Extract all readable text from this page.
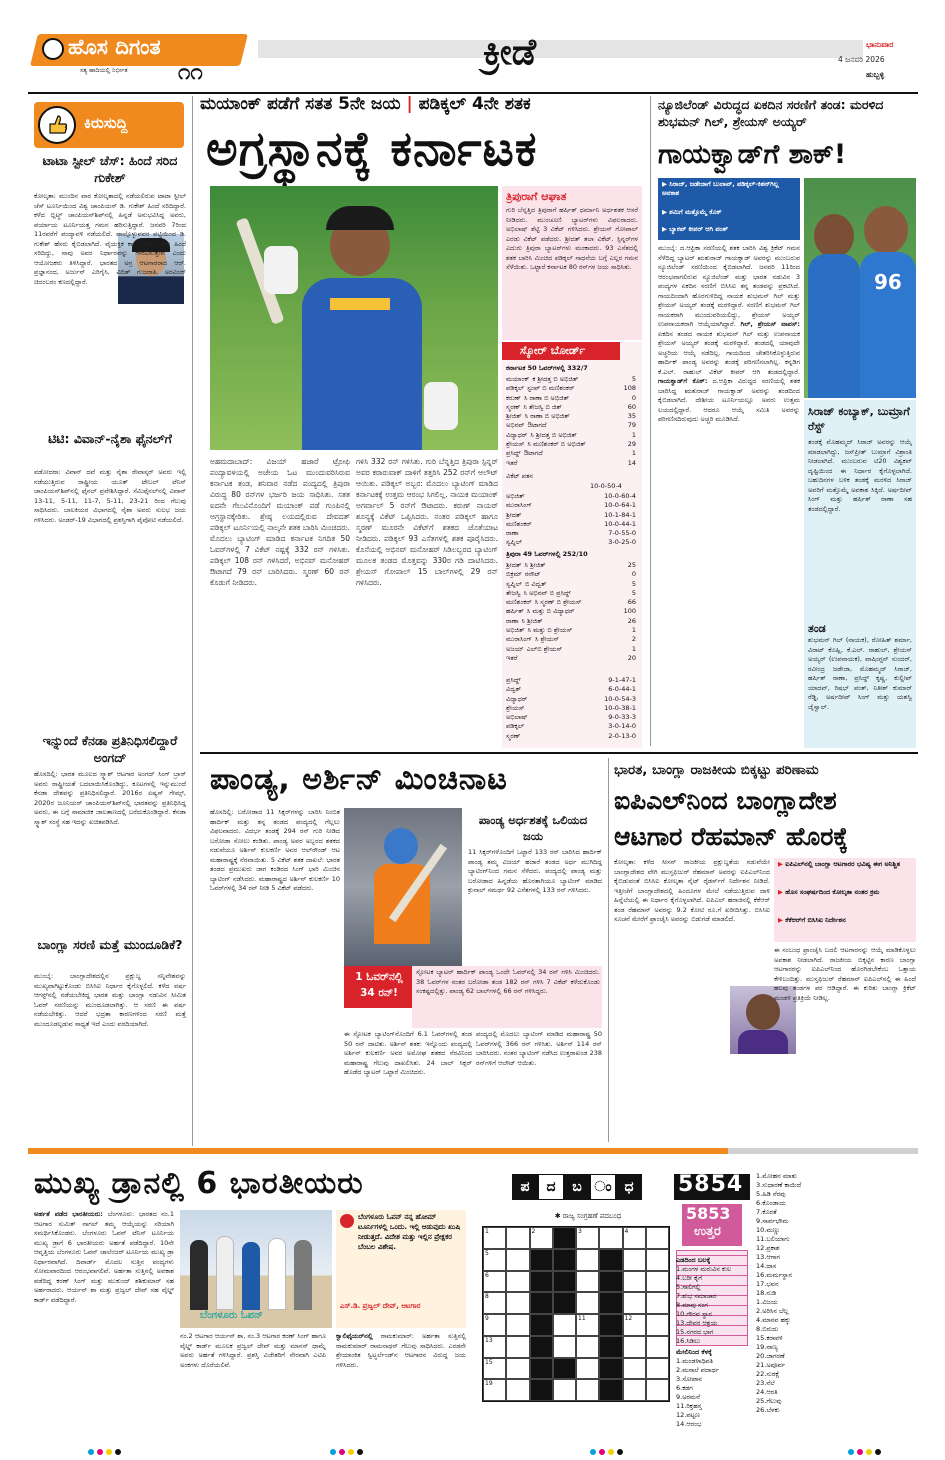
ಹೊಸ ದಿಗಂತ
ಸತ್ಯ ಹಾದಿಯಲ್ಲಿ ನಿರ್ಭೀತ ೧೧	ಕ್ರೀಡೆ	ಭಾನುವಾರ
4 ಜನವರಿ 2026
ಹುಬ್ಬಳ್ಳಿ
ಕಿರುಸುದ್ದಿ
ಟಾಟಾ ಸ್ಟೀಲ್ ಚೆಸ್: ಹಿಂದೆ ಸರಿದ ಗುಕೇಶ್
ಕೋಲ್ಕತಾ: ಮುಂದಿನ ವಾರ ಕೋಲ್ಕತಾದಲ್ಲಿ ನಡೆಯಲಿರುವ ಟಾಟಾ ಸ್ಟೀಲ್ ಚೆಸ್ ಟೂರ್ನಿಯಿಂದ ವಿಶ್ವ ಚಾಂಪಿಯನ್ ಡಿ. ಗುಕೇಶ್ ಹಿಂದೆ ಸರಿದಿದ್ದಾರೆ. ಕಳೆದ ಬ್ಲಿಟ್ಜ್ ಚಾಂಪಿಯನ್‌ಶಿಪ್‌ನಲ್ಲಿ ಹಿನ್ನಡೆ ಅನುಭವಿಸಿದ್ದ ಅವರು, ಪರ್ಯಾಯ ಟೂರ್ನಿಯತ್ತ ಗಮನ ಹರಿಸುತ್ತಿದ್ದಾರೆ. ಜನವರಿ 7ರಿಂದ 11ರವರೆಗೆ ಪಂದ್ಯಾವಳಿ ನಡೆಯಲಿದೆ. ಪಾಲ್ಗೊಳ್ಳುವವರ ಪಟ್ಟಿಯಿಂದ ಡಿ. ಗುಕೇಶ್ ಹೆಸರು ಕೈಬಿಡಲಾಗಿದೆ. ವೈಯಕ್ತಿಕ ಕಾರಣದಿಂದ ಅವರು ಹಿಂದೆ ಸರಿದಿದ್ದು, ನಾವು ಅವರ ನಿರ್ಧಾರವನ್ನು ಗೌರವಿಸುತ್ತೇವೆ ಎಂದು ಆಯೋಜಕರು ತಿಳಿಸಿದ್ದಾರೆ. ಭಾರತದ ಅಗ್ರ ಆಟಗಾರರಾದ ಆರ್. ಪ್ರಜ್ಞಾನಂದ, ಅರ್ಜುನ್ ಎರಿಗೈಸಿ, ವಿದಿತ್ ಗುಜರಾತಿ, ಅರವಿಂದ್ ಚಿದಂಬರಂ ಕಣದಲ್ಲಿದ್ದಾರೆ.
ಟಿಟಿ: ವಿವಾನ್-ನೈಶಾ ಫೈನಲ್‌ಗೆ
ವಡೋದರಾ: ವಿವಾನ್ ದವೆ ಮತ್ತು ನೈಶಾ ರೇವಾಸ್ಕರ್ ಅವರು ಇಲ್ಲಿ ನಡೆಯುತ್ತಿರುವ ರಾಷ್ಟ್ರೀಯ ಯೂತ್ ಟೇಬಲ್ ಟೆನಿಸ್ ಚಾಂಪಿಯನ್‌ಶಿಪ್‌ನಲ್ಲಿ ಫೈನಲ್ ಪ್ರವೇಶಿಸಿದ್ದಾರೆ. ಸೆಮಿಫೈನಲ್‌ನಲ್ಲಿ ವಿವಾನ್ 13-11, 5-11, 11-7, 5-11, 23-21 ರಿಂದ ಗೆಲುವು ಸಾಧಿಸಿದರು. ಬಾಲಕಿಯರ ವಿಭಾಗದಲ್ಲಿ ನೈಶಾ ಅವರು ಸುಲಭ ಜಯ ಗಳಿಸಿದರು. ಅಂಡರ್-19 ವಿಭಾಗದಲ್ಲಿ ಪ್ರಶಸ್ತಿಗಾಗಿ ಪೈಪೋಟಿ ನಡೆಯಲಿದೆ.
ಇನ್ನುಂದೆ ಕೆನಡಾ ಪ್ರತಿನಿಧಿಸಲಿದ್ದಾರೆ ಅಂಗದ್
ಹೊಸದಿಲ್ಲಿ: ಭಾರತ ಮೂಲದ ಸ್ಕ್ವಾಶ್ ಆಟಗಾರ ಅಂಗದ್ ಸಿಂಗ್ ಬ್ರಾರ್ ಅವರು ರಾಷ್ಟ್ರೀಯತೆ ಬದಲಾಯಿಸಿಕೊಂಡಿದ್ದು, ಕೂಟಗಳಲ್ಲಿ ಇನ್ನುಮುಂದೆ ಕೆನಡಾ ದೇಶವನ್ನು ಪ್ರತಿನಿಧಿಸಲಿದ್ದಾರೆ. 2016ರ ಏಷ್ಯನ್ ಗೇಮ್ಸ್, 2020ರ ಜೂನಿಯರ್ ಚಾಂಪಿಯನ್‌ಶಿಪ್‌ನಲ್ಲಿ ಭಾರತವನ್ನು ಪ್ರತಿನಿಧಿಸಿದ್ದ ಅವರು, ಈ ಬಗ್ಗೆ ಸಾಮಾಜಿಕ ಜಾಲತಾಣದಲ್ಲಿ ಬರೆದುಕೊಂಡಿದ್ದಾರೆ. ಕೆನಡಾ ಸ್ಕ್ವಾಶ್ ಸಂಸ್ಥೆ ಸಹ ಇದನ್ನು ಖಚಿತಪಡಿಸಿದೆ.
ಬಾಂಗ್ಲಾ ಸರಣಿ ಮತ್ತೆ ಮುಂದೂಡಿಕೆ?
ಮುಂಬೈ: ಬಾಂಗ್ಲಾದೇಶದಲ್ಲಿನ ಪ್ರಕ್ಷುಬ್ಧ ಸನ್ನಿವೇಶವನ್ನು ಮುಖ್ಯವಾಗಿಟ್ಟುಕೊಂಡು ಬಿಸಿಸಿಐ ನಿರ್ಧಾರ ಕೈಗೊಳ್ಳಲಿದೆ. ಕಳೆದ ವರ್ಷ ಆಗಸ್ಟ್‌ನಲ್ಲಿ ನಡೆಯಬೇಕಿದ್ದ ಭಾರತ ಮತ್ತು ಬಾಂಗ್ಲಾ ನಡುವಿನ ಸೀಮಿತ ಓವರ್ ಸರಣಿಯನ್ನು ಮುಂದೂಡಲಾಗಿತ್ತು. ಆ ಸರಣಿ ಈ ವರ್ಷ ನಡೆಯಬೇಕಿತ್ತು. ಆದರೆ ಭದ್ರತಾ ಕಾರಣಗಳಿಂದ ಸರಣಿ ಮತ್ತೆ ಮುಂದೂಡಲ್ಪಡುವ ಸಾಧ್ಯತೆ ಇದೆ ಎಂದು ವರದಿಯಾಗಿದೆ.
ಮಯಾಂಕ್ ಪಡೆಗೆ ಸತತ 5ನೇ ಜಯ | ಪಡಿಕ್ಕಲ್ 4ನೇ ಶತಕ
ಅಗ್ರಸ್ಥಾನಕ್ಕೆ ಕರ್ನಾಟಕ
ತ್ರಿಪುರಾಗೆ ಆಘಾತ
ಗುರಿ ಬೆನ್ನತ್ತಿದ ತ್ರಿಪುರಾಗೆ ಹರ್ಷಿತ್ ಧರ್ಮಾನಿ ಅರ್ಧಶತಕ ಆಸರೆ ನೀಡಿದರು. ಮುಂಚೂಣಿ ಬ್ಯಾಟರ್‌ಗಳು ವಿಫಲರಾದರು. ಅಭಿಲಾಷ್ ಶೆಟ್ಟಿ 3 ವಿಕೆಟ್ ಗಳಿಸಿದರು. ಶ್ರೇಯಸ್ ಗೋಪಾಲ್ ಎರಡು ವಿಕೆಟ್ ಪಡೆದರು. ಶ್ರೀದತ್ ತಲಾ ವಿಕೆಟ್. ಸ್ಪಿನ್ನರ್‌ಗಳ ಎದುರು ತ್ರಿಪುರಾ ಬ್ಯಾಟರ್‌ಗಳು ಮಂಕಾದರು. 93 ಎಸೆತದಲ್ಲಿ ಶತಕ ಬಾರಿಸಿ ಮಿಂಚಿದ ಪಡಿಕ್ಕಲ್ ಸಾಧನೆಯ ಬಗ್ಗೆ ಎಲ್ಲರ ಗಮನ ಸೆಳೆಯಿತು. ಒಟ್ಟಾರೆ ಕರ್ನಾಟಕ 80 ರನ್‌ಗಳ ಜಯ ಸಾಧಿಸಿತು.
ಸ್ಕೋರ್ ಬೋರ್ಡ್
ಕರ್ನಾಟಕ 50 ಓವರ್‌ಗಳಲ್ಲಿ 332/7
ಮಯಾಂಕ್ ಕ ಶ್ರೀದತ್ತ ಬಿ ಅಭಿಜಿತ್	5
ಪಡಿಕ್ಕಲ್ ಸ್ಟಂಪ್ ಬಿ ಮಣಿಶಂಕರ್	108
ಕರುಣ್ ಸಿ ರಾಣಾ ಬಿ ಅಭಿಜಿತ್	0
ಸ್ಮರಣ್ ಸಿ ತೇಜಸ್ವಿ ಬಿ ಜಿತ್	60
ಶ್ರೀಜಿತ್ ಸಿ ರಾಣಾ ಬಿ ಅಭಿಜಿತ್	35
ಅಭಿನವ್ ಔಟಾಗದೆ	79
ವಿದ್ಯಾಧರ್ ಸಿ ಶ್ರೀದತ್ತ ಬಿ ಅಭಿಜಿತ್	1
ಶ್ರೇಯಸ್ ಸಿ ಮಣಿಶಂಕರ್ ಬಿ ಅಭಿಜಿತ್	29
ಪ್ರಸಿದ್ಧ್ ಔಟಾಗದೆ	1
ಇತರೆ	14
ವಿಕೆಟ್ ಪತನ
10-0-50-4
ಅಭಿಜಿತ್	10-0-60-4
ಮುರಾಸಿಂಗ್	10-0-64-1
ಶ್ರೀದತ್	10-1-84-1
ಮಣಿಶಂಕರ್	10-0-44-1
ರಾಣಾ	7-0-55-0
ಸ್ವಪ್ನಿಲ್	3-0-25-0
ತ್ರಿಪುರಾ 49 ಓವರ್‌ಗಳಲ್ಲಿ 252/10
ಶ್ರೀದತ್ ಸಿ ಶ್ರೀಜಿತ್	25
ಬಿಕ್ರಮ್ ರನೌಟ್	0
ಸ್ವಪ್ನಿಲ್ ಬಿ ವಿದ್ವತ್	5
ತೇಜಸ್ವಿ ಸಿ ಅಭಿನವ್ ಬಿ ಪ್ರಸಿದ್ಧ್	5
ಮಣಿಶಂಕರ್ ಸಿ ಸ್ಮರಣ್ ಬಿ ಶ್ರೇಯಸ್	66
ಹರ್ಷಿತ್ ಸಿ ಮತ್ತು ಬಿ ವಿದ್ಯಾಧರ್	100
ರಾಣಾ ಸಿ ಶ್ರೀಜಿತ್	26
ಅಭಿಜಿತ್ ಸಿ ಮತ್ತು ಬಿ ಶ್ರೇಯಸ್	1
ಮುರಾಸಿಂಗ್ ಸಿ ಶ್ರೇಯಸ್	2
ಅಜಯ್ ಎಲ್‌ಬಿ ಶ್ರೇಯಸ್	1
ಇತರೆ	20
ಪ್ರಸಿದ್ಧ್	9-1-47-1
ವಿದ್ವತ್	6-0-44-1
ವಿದ್ಯಾಧರ್	10-0-54-3
ಶ್ರೇಯಸ್	10-0-38-1
ಅಭಿಲಾಷ್	9-0-33-3
ಪಡಿಕ್ಕಲ್	3-0-14-0
ಸ್ಮರಣ್	2-0-13-0
ಅಹಮದಾಬಾದ್: ವಿಜಯ್ ಹಜಾರೆ ಟ್ರೋಫಿ ಪಂದ್ಯಾವಳಿಯಲ್ಲಿ ಅಜೇಯ ಓಟ ಮುಂದುವರಿಸಿರುವ ಕರ್ನಾಟಕ ತಂಡ, ಶನಿವಾರ ನಡೆದ ಪಂದ್ಯದಲ್ಲಿ ತ್ರಿಪುರಾ ವಿರುದ್ಧ 80 ರನ್‌ಗಳ ಭರ್ಜರಿ ಜಯ ಸಾಧಿಸಿತು. ಸತತ ಐದನೇ ಗೆಲುವಿನೊಂದಿಗೆ ಮಯಾಂಕ್ ಪಡೆ ಗುಂಪಿನಲ್ಲಿ ಅಗ್ರಸ್ಥಾನಕ್ಕೇರಿತು. ಶ್ರೇಷ್ಠ ಲಯದಲ್ಲಿರುವ ದೇವದತ್ ಪಡಿಕ್ಕಲ್ ಟೂರ್ನಿಯಲ್ಲಿ ನಾಲ್ಕನೇ ಶತಕ ಬಾರಿಸಿ ಮಿಂಚಿದರು. ಮೊದಲು ಬ್ಯಾಟಿಂಗ್ ಮಾಡಿದ ಕರ್ನಾಟಕ ನಿಗದಿತ 50 ಓವರ್‌ಗಳಲ್ಲಿ 7 ವಿಕೆಟ್ ನಷ್ಟಕ್ಕೆ 332 ರನ್ ಗಳಿಸಿತು. ಪಡಿಕ್ಕಲ್ 108 ರನ್ ಗಳಿಸಿದರೆ, ಅಭಿನವ್ ಮನೋಹರ್ ಔಟಾಗದೆ 79 ರನ್ ಬಾರಿಸಿದರು. ಸ್ಮರಣ್ 60 ರನ್ ಕೊಡುಗೆ ನೀಡಿದರು.
ಗಳಿಸಿ 332 ರನ್ ಗಳಿಸಿತು. ಗುರಿ ಬೆನ್ನತ್ತಿದ ತ್ರಿಪುರಾ ಸ್ಪಿನ್ನರ್ ಅವರ ಕರಾರುವಾಕ್ ದಾಳಿಗೆ ತತ್ತರಿಸಿ 252 ರನ್‌ಗೆ ಆಲೌಟ್ ಆಯಿತು. ಪಡಿಕ್ಕಲ್ ಅಬ್ಬರ: ಮೊದಲು ಬ್ಯಾಟಿಂಗ್ ಮಾಡಿದ ಕರ್ನಾಟಕಕ್ಕೆ ಉತ್ತಮ ಆರಂಭ ಸಿಗಲಿಲ್ಲ. ನಾಯಕ ಮಯಾಂಕ್ ಅಗರ್ವಾಲ್ 5 ರನ್‌ಗೆ ಔಟಾದರು. ಕರುಣ್ ನಾಯರ್ ಶೂನ್ಯಕ್ಕೆ ವಿಕೆಟ್ ಒಪ್ಪಿಸಿದರು. ನಂತರ ಪಡಿಕ್ಕಲ್ ಹಾಗೂ ಸ್ಮರಣ್ ಮೂರನೇ ವಿಕೆಟ್‌ಗೆ ಶತಕದ ಜೊತೆಯಾಟ ನೀಡಿದರು. ಪಡಿಕ್ಕಲ್ 93 ಎಸೆತಗಳಲ್ಲಿ ಶತಕ ಪೂರೈಸಿದರು. ಕೊನೆಯಲ್ಲಿ ಅಭಿನವ್ ಮನೋಹರ್ ಸಿಡಿಲಬ್ಬರದ ಬ್ಯಾಟಿಂಗ್ ಮೂಲಕ ತಂಡದ ಮೊತ್ತವನ್ನು 330ರ ಗಡಿ ದಾಟಿಸಿದರು. ಶ್ರೇಯಸ್ ಗೋಪಾಲ್ 15 ಬಾಲ್‌ಗಳಲ್ಲಿ 29 ರನ್ ಗಳಿಸಿದರು.
ನ್ಯೂಜಿಲೆಂಡ್ ವಿರುದ್ಧದ ಏಕದಿನ ಸರಣಿಗೆ ತಂಡ: ಮರಳಿದ ಶುಭಮನ್ ಗಿಲ್, ಶ್ರೇಯಸ್ ಅಯ್ಯರ್
ಗಾಯಕ್ವಾಡ್‌ಗೆ ಶಾಕ್!
▶ ಸಿರಾಜ್, ಜಡೇಜಾಗೆ ಬುಲಾವ್, ಪಡಿಕ್ಕಲ್-ಕಿಶನ್‌ಗಿಲ್ಲ ಅವಕಾಶ
▶ ಶಮಿಗೆ ಮತ್ತೊಮ್ಮೆ ಕೊಕ್
▶ ಬ್ಯಾಕಪ್ ಕೀಪರ್ ಆಗಿ ಪಂತ್
96
ಸಿರಾಜ್ ಕಂಬ್ಯಾಕ್, ಬುಮ್ರಾಗೆ ರೆಸ್ಟ್
ತಂಡಕ್ಕೆ ಮೊಹಮ್ಮದ್ ಸಿರಾಜ್ ಅವರನ್ನು ಆಯ್ಕೆ ಮಾಡಲಾಗಿದ್ದು, ಜಸ್‌ಪ್ರೀತ್ ಬುಮ್ರಾಗೆ ವಿಶ್ರಾಂತಿ ನೀಡಲಾಗಿದೆ. ಮುಂಬರುವ ಟಿ20 ವಿಶ್ವಕಪ್ ದೃಷ್ಟಿಯಿಂದ ಈ ನಿರ್ಧಾರ ಕೈಗೊಳ್ಳಲಾಗಿದೆ. ಬಹುದಿನಗಳ ಬಳಿಕ ತಂಡಕ್ಕೆ ಮರಳಿದ ಸಿರಾಜ್ ಅವರಿಗೆ ಮತ್ತೊಮ್ಮೆ ಅವಕಾಶ ಸಿಕ್ಕಿದೆ. ಅರ್ಷದೀಪ್ ಸಿಂಗ್ ಮತ್ತು ಹರ್ಷಿತ್ ರಾಣಾ ಸಹ ತಂಡದಲ್ಲಿದ್ದಾರೆ.
ಮುಂಬೈ: ದ.ಆಫ್ರಿಕಾ ಸರಣಿಯಲ್ಲಿ ಶತಕ ಬಾರಿಸಿ ವಿಶ್ವ ಕ್ರಿಕೆಟ್ ಗಮನ ಸೆಳೆದಿದ್ದ ಬ್ಯಾಟರ್ ಋತುರಾಜ್ ಗಾಯಕ್ವಾಡ್ ಅವರನ್ನು ಮುಂಬರುವ ನ್ಯೂಜಿಲೆಂಡ್ ಸರಣಿಯಿಂದ ಕೈಬಿಡಲಾಗಿದೆ. ಜನವರಿ 11ರಿಂದ ಆರಂಭವಾಗಲಿರುವ ನ್ಯೂಜಿಲೆಂಡ್ ಮತ್ತು ಭಾರತ ನಡುವಿನ 3 ಪಂದ್ಯಗಳ ಏಕದಿನ ಸರಣಿಗೆ ಬಿಸಿಸಿಐ ತನ್ನ ತಂಡವನ್ನು ಪ್ರಕಟಿಸಿದೆ. ಗಾಯದಿಂದಾಗಿ ಹೊರಗುಳಿದಿದ್ದ ನಾಯಕ ಶುಭಮನ್ ಗಿಲ್ ಮತ್ತು ಶ್ರೇಯಸ್ ಅಯ್ಯರ್ ತಂಡಕ್ಕೆ ಮರಳಿದ್ದಾರೆ. ಸರಣಿಗೆ ಶುಭಮನ್ ಗಿಲ್ ನಾಯಕರಾಗಿ ಮುಂದುವರಿಯಲಿದ್ದು, ಶ್ರೇಯಸ್ ಅಯ್ಯರ್ ಉಪನಾಯಕರಾಗಿ ಆಯ್ಕೆಯಾಗಿದ್ದಾರೆ. ಗಿಲ್, ಶ್ರೇಯಸ್ ವಾಪಸ್: ಏಕದಿನ ತಂಡದ ನಾಯಕ ಶುಭಮನ್ ಗಿಲ್ ಮತ್ತು ಉಪನಾಯಕ ಶ್ರೇಯಸ್ ಅಯ್ಯರ್ ತಂಡಕ್ಕೆ ಮರಳಿದ್ದಾರೆ. ತಂಡದಲ್ಲಿ ಯಾವುದೇ ಅಚ್ಚರಿಯ ಆಯ್ಕೆ ನಡೆದಿಲ್ಲ. ಗಾಯದಿಂದ ಚೇತರಿಸಿಕೊಳ್ಳುತ್ತಿರುವ ಹಾರ್ದಿಕ್ ಪಾಂಡ್ಯ ಅವರನ್ನು ತಂಡಕ್ಕೆ ಪರಿಗಣಿಸಲಾಗಿಲ್ಲ. ಕನ್ನಡಿಗ ಕೆ.ಎಲ್. ರಾಹುಲ್ ವಿಕೆಟ್ ಕೀಪರ್ ಆಗಿ ತಂಡದಲ್ಲಿದ್ದಾರೆ. ಗಾಯಕ್ವಾಡ್‌ಗೆ ಕೊಕ್: ದ.ಆಫ್ರಿಕಾ ವಿರುದ್ಧದ ಸರಣಿಯಲ್ಲಿ ಶತಕ ಬಾರಿಸಿದ್ದ ಋತುರಾಜ್ ಗಾಯಕ್ವಾಡ್ ಅವರನ್ನು ತಂಡದಿಂದ ಕೈಬಿಡಲಾಗಿದೆ. ದೇಶೀಯ ಟೂರ್ನಿಯಲ್ಲೂ ಅವರು ಉತ್ತಮ ಲಯದಲ್ಲಿದ್ದಾರೆ. ಆದರೂ ಆಯ್ಕೆ ಸಮಿತಿ ಅವರನ್ನು ಪರಿಗಣಿಸದಿರುವುದು ಅಚ್ಚರಿ ಮೂಡಿಸಿದೆ.
ತಂಡ
ಶುಭಮನ್ ಗಿಲ್ (ನಾಯಕ), ರೋಹಿತ್ ಶರ್ಮಾ, ವಿರಾಟ್ ಕೊಹ್ಲಿ, ಕೆ.ಎಲ್. ರಾಹುಲ್, ಶ್ರೇಯಸ್ ಅಯ್ಯರ್ (ಉಪನಾಯಕ), ವಾಷಿಂಗ್ಟನ್ ಸುಂದರ್, ರವೀಂದ್ರ ಜಡೇಜಾ, ಮೊಹಮ್ಮದ್ ಸಿರಾಜ್, ಹರ್ಷಿತ್ ರಾಣಾ, ಪ್ರಸಿದ್ಧ್ ಕೃಷ್ಣ, ಕುಲ್ದೀಪ್ ಯಾದವ್, ರಿಷಭ್ ಪಂತ್, ನಿತೀಶ್ ಕುಮಾರ್ ರೆಡ್ಡಿ, ಅರ್ಷದೀಪ್ ಸಿಂಗ್ ಮತ್ತು ಯಶಸ್ವಿ ಜೈಸ್ವಾಲ್.
ಪಾಂಡ್ಯ, ಅರ್ಶಿನ್ ಮಿಂಚಿನಾಟ
ಪಾಂಡ್ಯ ಅರ್ಧಶತಕ್ಕೆ ಒಲಿಯದ ಜಯ
11 ಸಿಕ್ಸರ್‌ಗಳೊಂದಿಗೆ ಒಟ್ಟಾರೆ 133 ರನ್ ಬಾರಿಸಿದ ಹಾರ್ದಿಕ್ ಪಾಂಡ್ಯ ತಮ್ಮ ವಿಜಯ್ ಹಜಾರೆ ತಂಡದ ಅರ್ಧ ಮುಗಿದಿದ್ದ ಬ್ಯಾಟಿಂಗ್‌ನಿಂದ ಗಮನ ಸೆಳೆದರು. ಪಂದ್ಯದಲ್ಲಿ ಪಾಂಡ್ಯ ಮತ್ತು ಬರೋಡಾದ ಹಿನ್ನಡೆಯ ಹೊರತಾಗಿಯೂ ಬ್ಯಾಟಿಂಗ್ ಮಾಡಿದ ಕ್ರುನಾಲ್ ಸಮರ್ಥ 92 ಎಸೆತಗಳಲ್ಲಿ 133 ರನ್ ಗಳಿಸಿದರು.
1 ಓವರ್‌ನಲ್ಲಿ 34 ರನ್!
ಸ್ಫೋಟಕ ಬ್ಯಾಟರ್ ಹಾರ್ದಿಕ್ ಪಾಂಡ್ಯ ಒಂದೇ ಓವರ್‌ನಲ್ಲಿ 34 ರನ್ ಗಳಿಸಿ ಮಿಂಚಿದರು. 38 ಓವರ್‌ಗಳ ನಂತರ ಬರೋಡಾ ತಂಡ 182 ರನ್ ಗಳಿಸಿ 7 ವಿಕೆಟ್ ಕಳೆದುಕೊಂಡು ಸಂಕಷ್ಟದಲ್ಲಿತ್ತು. ಪಾಂಡ್ಯ 62 ಬಾಲ್‌ಗಳಲ್ಲಿ 66 ರನ್ ಗಳಿಸಿದ್ದರು.
ಹೊಸದಿಲ್ಲಿ: ಬರೋಡಾದ 11 ಸಿಕ್ಸರ್‌ಗಳನ್ನು ಬಾರಿಸಿ ನಿಂಬಿತ ಹಾರ್ದಿಕ್ ಮತ್ತು ತನ್ನ ತಂಡದ ಪಂದ್ಯದಲ್ಲಿ ಗೆಲ್ಲಲು ವಿಫಲವಾದರು. ವಿದರ್ಭ ತಂಡಕ್ಕೆ 294 ರನ್ ಗುರಿ ನೀಡಿದ ಬರೋಡಾ ಸೋಲು ಕಂಡಿತು. ಪಾಂಡ್ಯ ಅವರ ಅಬ್ಬರದ ಶತಕದ ನಡುವೆಯೂ ಅರ್ಶಿನ್ ಕುಲಕರ್ಣಿ ಅವರ ಆಲ್‌ರೌಂಡ್ ಆಟ ಮಹಾರಾಷ್ಟ್ರಕ್ಕೆ ನೆರವಾಯಿತು. 5 ವಿಕೆಟ್ ಶತಕ ದಾಖಲೆ: ಭಾರತ ತಂಡದ ಪ್ರಮುಖರು ಜಾಗ ಕಂಡಿರದ ಸಿಂಗ್ ಭಾರಿ ಮಿಂಚಿನ ಬ್ಯಾಟಿಂಗ್ ನಡೆಸಿದರು. ಮಹಾರಾಷ್ಟ್ರದ ಅರ್ಶಿನ್ ಕುಲಕರ್ಣಿ 10 ಓವರ್‌ಗಳಲ್ಲಿ 34 ರನ್ ನೀಡಿ 5 ವಿಕೆಟ್ ಪಡೆದರು.
ಈ ಸ್ಫೋಟಕ ಬ್ಯಾಟಿಂಗ್‌ನೊಂದಿಗೆ 6.1 ಓವರ್‌ಗಳಲ್ಲಿ ತಂಡ 50 ರನ್ ದಾಟಿತು. ಅರ್ಶಿನ್ ಶತಕ: ಇನ್ನೊಂದು ಪಂದ್ಯದಲ್ಲಿ ಅರ್ಶಿನ್ ಕುಲಕರ್ಣಿ ಅವರ ಅಮೋಘ ಶತಕದ ನೆರವಿನಿಂದ ಮಹಾರಾಷ್ಟ್ರ ಗೆಲುವು ದಾಖಲಿಸಿತು. 24 ಬಾಲ್ ಸಿಕ್ಸರ್ ಹೊಡೆದ ಬ್ಯಾಟರ್ ಒಟ್ಟಾರೆ ಮಿಂಚಿದರು.
ಪಂದ್ಯದಲ್ಲಿ ಮೊದಲು ಬ್ಯಾಟಿಂಗ್ ಮಾಡಿದ ಮಹಾರಾಷ್ಟ್ರ 50 ಓವರ್‌ಗಳಲ್ಲಿ 366 ರನ್ ಗಳಿಸಿತು. ಅರ್ಶಿನ್ 114 ರನ್ ಬಾರಿಸಿದರು. ನಂತರ ಬ್ಯಾಟಿಂಗ್ ನಡೆಸಿದ ಉತ್ತರಾಖಂಡ 238 ರನ್‌ಗಳಿಗೆ ಆಲೌಟ್ ಆಯಿತು.
ಭಾರತ, ಬಾಂಗ್ಲಾ ರಾಜಕೀಯ ಬಿಕ್ಕಟ್ಟು ಪರಿಣಾಮ
ಐಪಿಎಲ್‌ನಿಂದ ಬಾಂಗ್ಲಾದೇಶ
ಆಟಗಾರ ರೆಹಮಾನ್ ಹೊರಕ್ಕೆ
▶ ಐಪಿಎಲ್‌ನಲ್ಲಿ ಬಾಂಗ್ಲಾ ಆಟಗಾರರ ಭವಿಷ್ಯ ಈಗ ಅನಿಶ್ಚಿತ
▶ ಹೊಸ ಸಂಘರ್ಷದಿಂದ ಕೋಲ್ಕತಾ ನಂತರ ಕ್ರಮ
▶ ಕೆಕೆಆರ್‌ಗೆ ಬಿಸಿಸಿಐ ನಿರ್ದೇಶನ
ಕೋಲ್ಕತಾ: ಕಳೆದ ಸೀಸನ್ ರಾಜಕೀಯ ಪ್ರಕ್ಷುಬ್ಧತೆಯ ನಡುವೆಯೇ ಬಾಂಗ್ಲಾದೇಶದ ವೇಗಿ ಮುಸ್ತಫಿಜುರ್ ರೆಹಮಾನ್ ಅವರನ್ನು ಐಪಿಎಲ್‌ನಿಂದ ಕೈಬಿಡುವಂತೆ ಬಿಸಿಸಿಐ ಕೋಲ್ಕತಾ ನೈಟ್ ರೈಡರ್ಸ್‌ಗೆ ನಿರ್ದೇಶನ ನೀಡಿದೆ. ಇತ್ತೀಚೆಗೆ ಬಾಂಗ್ಲಾದೇಶದಲ್ಲಿ ಹಿಂದೂಗಳ ಮೇಲೆ ನಡೆಯುತ್ತಿರುವ ದಾಳಿ ಹಿನ್ನೆಲೆಯಲ್ಲಿ ಈ ನಿರ್ಧಾರ ಕೈಗೊಳ್ಳಲಾಗಿದೆ. ಐಪಿಎಲ್ ಹರಾಜಿನಲ್ಲಿ ಕೆಕೆಆರ್ ತಂಡ ರೆಹಮಾನ್ ಅವರನ್ನು 9.2 ಕೋಟಿ ರೂ.ಗೆ ಖರೀದಿಸಿತ್ತು. ಬಿಸಿಸಿಐ ಸೂಚನೆ ಮೇರೆಗೆ ಫ್ರಾಂಚೈಸಿ ಅವರನ್ನು ಬಿಡುಗಡೆ ಮಾಡಲಿದೆ.
ಈ ಸಂಬಂಧ ಫ್ರಾಂಚೈಸಿ ಬದಲಿ ಆಟಗಾರನನ್ನು ಆಯ್ಕೆ ಮಾಡಿಕೊಳ್ಳಲು ಅವಕಾಶ ನೀಡಲಾಗಿದೆ. ರಾಜಕೀಯ ಬಿಕ್ಕಟ್ಟಿನ ಕಾರಣ ಬಾಂಗ್ಲಾ ಆಟಗಾರರನ್ನು ಐಪಿಎಲ್‌ನಿಂದ ಹೊರಗಿಡಬೇಕೆಂಬ ಒತ್ತಾಯ ಕೇಳಿಬಂದಿತ್ತು. ಮುಸ್ತಫಿಜುರ್ ರೆಹಮಾನ್ ಐಪಿಎಲ್‌ನಲ್ಲಿ ಈ ಹಿಂದೆ ಹಲವು ತಂಡಗಳ ಪರ ಆಡಿದ್ದಾರೆ. ಈ ಕುರಿತು ಬಾಂಗ್ಲಾ ಕ್ರಿಕೆಟ್ ಮಂಡಳಿ ಪ್ರತಿಕ್ರಿಯೆ ನೀಡಿಲ್ಲ.
ಮುಖ್ಯ ಡ್ರಾನಲ್ಲಿ 6 ಭಾರತೀಯರು
ಅರ್ಹತೆ ಪಡೆದ ಭಾರತೀಯರು: ಬೆಂಗಳೂರು: ಭಾರತದ ನಂ.1 ಆಟಗಾರ ಸುಮಿತ್ ನಾಗಲ್ ತಮ್ಮ ಆಯ್ಕೆಯನ್ನು ಸರಿಯಾಗಿ ಸಮರ್ಥಿಸಿಕೊಂಡರು. ಬೆಂಗಳೂರು ಓಪನ್ ಟೆನಿಸ್ ಟೂರ್ನಿಯ ಮುಖ್ಯ ಡ್ರಾಗೆ 6 ಭಾರತೀಯರು ಅರ್ಹತೆ ಪಡೆದಿದ್ದಾರೆ. 10ನೇ ಆವೃತ್ತಿಯ ಬೆಂಗಳೂರು ಓಪನ್ ಚಾಲೆಂಜರ್ ಟೂರ್ನಿಯ ಮುಖ್ಯ ಡ್ರಾ ನಿರ್ಧಾರವಾಗಿದೆ. ದಿವಾರ್ಡ್ ಮೊದಲ ಸುತ್ತಿನ ಪಂದ್ಯಗಳು ಸೋಮವಾರದಿಂದ ಆರಂಭವಾಗಲಿವೆ. ಅರ್ಹತಾ ಸುತ್ತಿನಲ್ಲಿ ಅವಕಾಶ ಪಡೆದಿದ್ದ ಕರಣ್ ಸಿಂಗ್ ಮತ್ತು ಮುಕುಂದ್ ಶಶಿಕುಮಾರ್ ಸಹ ಅರ್ಹರಾದರು. ಆರ್ಯನ್ ಶಾ ಮತ್ತು ಪ್ರಜ್ವಲ್ ದೇವ್ ಸಹ ವೈಲ್ಡ್ ಕಾರ್ಡ್ ಪಡೆದಿದ್ದಾರೆ.
ಬೆಂಗಳೂರು ಓಪನ್
ಬೆಂಗಳೂರು ಓಪನ್ ನನ್ನ ಹೋಮ್ ಟೂರ್ನಿಗಳಲ್ಲಿ ಒಂದು. ಇಲ್ಲಿ ಆಡುವುದು ಖುಷಿ ನೀಡುತ್ತದೆ. ವಿದೇಶ ಮತ್ತು ಇಲ್ಲಿನ ಪ್ರೇಕ್ಷಕರ ಬೆಂಬಲ ವಿಶೇಷ.
ಎಸ್.ಡಿ. ಪ್ರಜ್ವಲ್ ದೇವ್, ಆಟಗಾರ
ನಂ.2 ಆಟಗಾರ ಆರ್ಯನ್ ಶಾ, ನಂ.3 ಆಟಗಾರ ಕರಣ್ ಸಿಂಗ್ ಹಾಗೂ ವೈಲ್ಡ್ ಕಾರ್ಡ್ ಮೂಲಕ ಪ್ರಜ್ವಲ್ ದೇವ್ ಮತ್ತು ಮಾನಸ್ ಧಾಮ್ನೆ ಅವರು ಅರ್ಹತೆ ಗಳಿಸಿದ್ದಾರೆ. ಪ್ರಶಸ್ತಿ ವಿಜೇತರಿಗೆ ನೇರವಾಗಿ ಎಟಿಪಿ ಅಂಕಗಳು ದೊರೆಯಲಿವೆ.
ಕ್ವಾಲಿಫೈಯರ್‌ನಲ್ಲಿ ರಾಮಕುಮಾರ್: ಅರ್ಹತಾ ಸುತ್ತಿನಲ್ಲಿ ರಾಮಕುಮಾರ್ ರಾಮನಾಥನ್ ಗೆಲುವು ಸಾಧಿಸಿದರು. ಎರಡನೇ ಶ್ರೇಯಾಂಕಿತ ಸ್ವಿಟ್ಜರ್ಲೆಂಡ್‌ನ ಆಟಗಾರನ ವಿರುದ್ಧ ಜಯ ಗಳಿಸಿದರು.
ಪ	ದ	ಬ ಂ ಧ
✱ ರಾಜ್ಯ ಸಂಗ್ರಹಣೆ ಪದಬಂಧ
1	2	3	4
5
6
8
9	11	12
13
15
19
5854
5853
ಉತ್ತರ
ಎಡದಿಂದ ಬಲಕ್ಕೆ
1.ಮಂಗಳ ಮರುವಿನ ಕುಲ
4.ಬರೀ ಕೈಗೆ
5.ಸಾಲಿಗಲ್ಲಿ
7.ಶುಭ ಸಮಾಚಾರ
8.ಮಾವು ಸಂಗ
10.ಗೌರವ ಸ್ಥಾನ
13.ದೇವರ ಆಶ್ರಯ
15.ನಗರದ ಭಾಗ
16.ಸಿಡಿಲು
ಮೇಲಿನಿಂದ ಕೆಳಕ್ಕೆ
1.ಮಂಡಳಾಧಿಪತಿ
2.ಮಸಾಲೆ ಪದಾರ್ಥ
3.ಸೋಪಾನ
6.ಕಡಗ
9.ಅರಮನೆ
11.ರಿಕ್ತಹಸ್ತ
12.ಪಟ್ಟಣ
14.ಆರಂಭ
1.ಮೋಹನ ಮಾತು
3.ಸುಧಾರಣೆ ಕಾಯಿದೆ
5.ಹಿಡಿ ನೆರವು
6.ಕೊಂಡಾಯ
7.ಕೊರತೆ
9.ಸಾರ್ವಭೌಮ
10.ಮಣ್ಣು
11.ಬಲಿಯಾಗು
12.ಪ್ರಕಾಶ
13.ಆಗಾಗ
14.ದಾಸ
16.ಮರ್ಮಸ್ಥಾನ
17.ಭವನ
18.ನುಡಿ
1.ವಿಜಯ
2.ಅರಿಸಿನ ಬೆಲ್ಲ
4.ಮಾನವ ಹಕ್ಕು
8.ಬಿರುದು
15.ಕರಾವಳಿ
19.ನಾಣ್ಯ
20.ಜಾಗರಣೆ
21.ಅಪೂರ್ವ
22.ಸುರಕ್ಷೆ
23.ನೆಲೆ
24.ಆರತಿ
25.ಗೆಲುವು
26.ಬೆಳಕು
